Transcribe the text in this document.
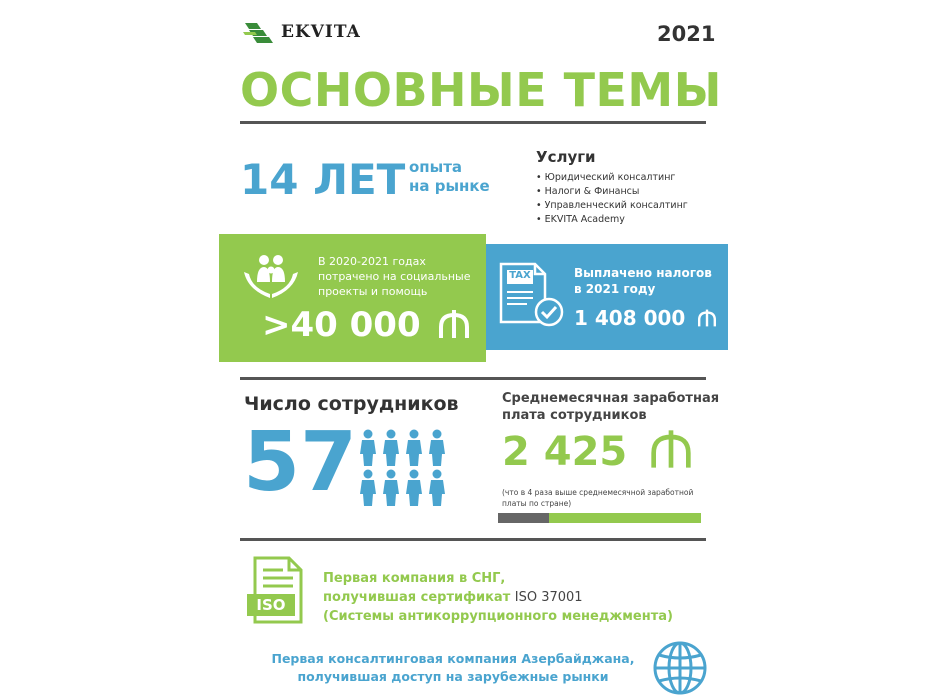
EKVITA	2021
ОСНОВНЫЕ ТЕМЫ
14 ЛЕТ опыта
на рынке
Услуги
• Юридический консалтинг
• Налоги & Финансы
• Управленческий консалтинг
• EKVITA Academy
В 2020-2021 годах
потрачено на социальные
проекты и помощь
>40 000
TAX	Выплачено налогов
в 2021 году
1 408 000
Число сотрудников
57
Среднемесячная заработная
плата сотрудников
2 425
(что в 4 раза выше среднемесячной заработной
платы по стране)
ISO
Первая компания в СНГ,
получившая сертификат ISO 37001
(Системы антикоррупционного менеджмента)
Первая консалтинговая компания Азербайджана,
получившая доступ на зарубежные рынки
